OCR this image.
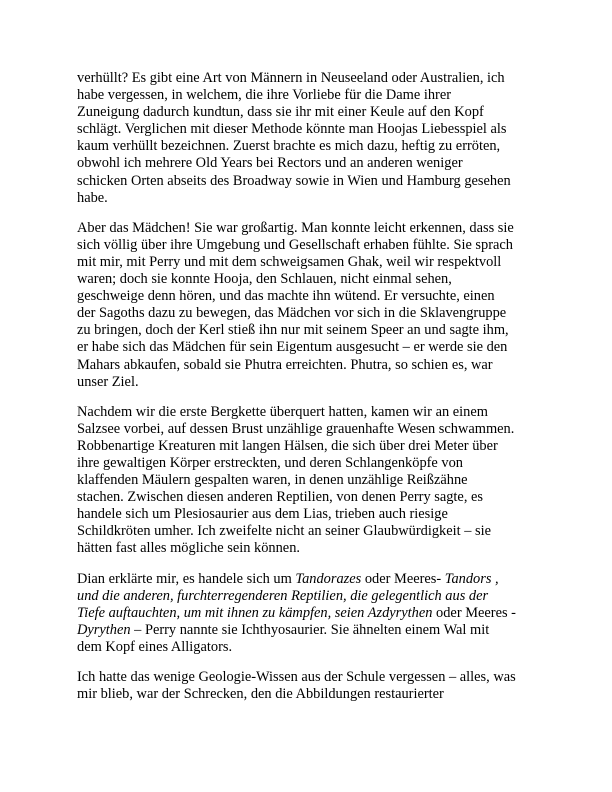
verhüllt? Es gibt eine Art von Männern in Neuseeland oder Australien, ich
habe vergessen, in welchem, die ihre Vorliebe für die Dame ihrer
Zuneigung dadurch kundtun, dass sie ihr mit einer Keule auf den Kopf
schlägt. Verglichen mit dieser Methode könnte man Hoojas Liebesspiel als
kaum verhüllt bezeichnen. Zuerst brachte es mich dazu, heftig zu erröten,
obwohl ich mehrere Old Years bei Rectors und an anderen weniger
schicken Orten abseits des Broadway sowie in Wien und Hamburg gesehen
habe.

Aber das Mädchen! Sie war großartig. Man konnte leicht erkennen, dass sie
sich völlig über ihre Umgebung und Gesellschaft erhaben fühlte. Sie sprach
mit mir, mit Perry und mit dem schweigsamen Ghak, weil wir respektvoll
waren; doch sie konnte Hooja, den Schlauen, nicht einmal sehen,
geschweige denn hören, und das machte ihn wütend. Er versuchte, einen
der Sagoths dazu zu bewegen, das Mädchen vor sich in die Sklavengruppe
zu bringen, doch der Kerl stieß ihn nur mit seinem Speer an und sagte ihm,
er habe sich das Mädchen für sein Eigentum ausgesucht – er werde sie den
Mahars abkaufen, sobald sie Phutra erreichten. Phutra, so schien es, war
unser Ziel.

Nachdem wir die erste Bergkette überquert hatten, kamen wir an einem
Salzsee vorbei, auf dessen Brust unzählige grauenhafte Wesen schwammen.
Robbenartige Kreaturen mit langen Hälsen, die sich über drei Meter über
ihre gewaltigen Körper erstreckten, und deren Schlangenköpfe von
klaffenden Mäulern gespalten waren, in denen unzählige Reißzähne
stachen. Zwischen diesen anderen Reptilien, von denen Perry sagte, es
handele sich um Plesiosaurier aus dem Lias, trieben auch riesige
Schildkröten umher. Ich zweifelte nicht an seiner Glaubwürdigkeit – sie
hätten fast alles mögliche sein können.

Dian erklärte mir, es handele sich um Tandorazes oder Meeres- Tandors ,
und die anderen, furchterregenderen Reptilien, die gelegentlich aus der
Tiefe auftauchten, um mit ihnen zu kämpfen, seien Azdyrythen oder Meeres -
Dyrythen – Perry nannte sie Ichthyosaurier. Sie ähnelten einem Wal mit
dem Kopf eines Alligators.

Ich hatte das wenige Geologie-Wissen aus der Schule vergessen – alles, was
mir blieb, war der Schrecken, den die Abbildungen restaurierter
